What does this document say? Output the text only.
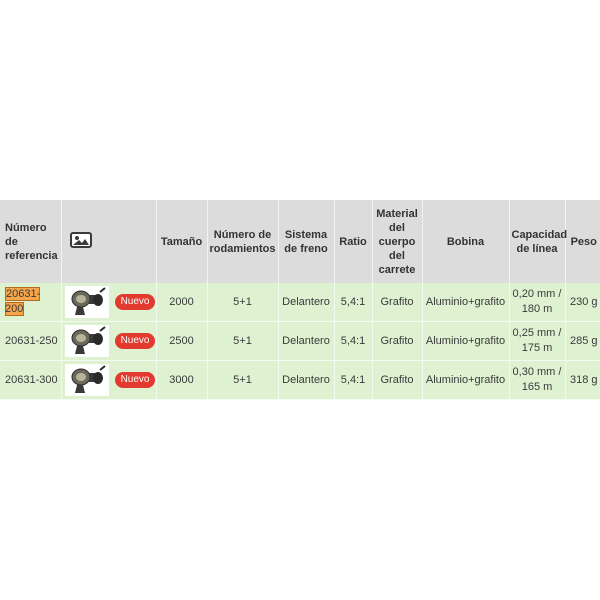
Número de referencia		Tamaño	Número de rodamientos	Sistema de freno	Ratio	Material del cuerpo del carrete	Bobina	Capacidad de línea	Peso
20631-200	Nuevo	2000	5+1	Delantero	5,4:1	Grafito	Aluminio+grafito	0,20 mm / 180 m	230 g
20631-250	Nuevo	2500	5+1	Delantero	5,4:1	Grafito	Aluminio+grafito	0,25 mm / 175 m	285 g
20631-300	Nuevo	3000	5+1	Delantero	5,4:1	Grafito	Aluminio+grafito	0,30 mm / 165 m	318 g
